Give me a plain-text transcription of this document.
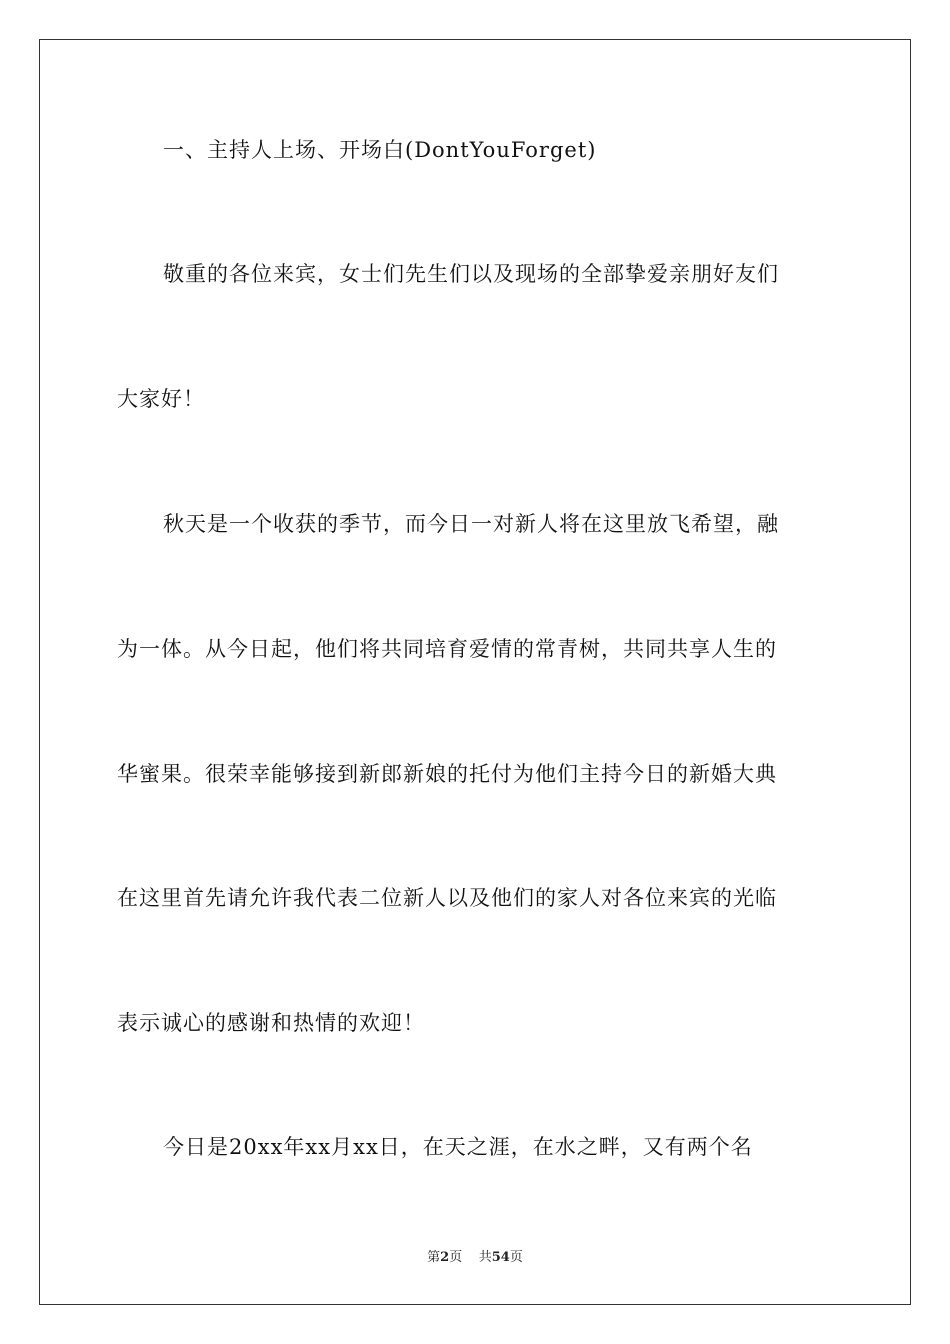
一、主持人上场、开场白(DontYouForget)
敬重的各位来宾，女士们先生们以及现场的全部挚爱亲朋好友们
大家好！
秋天是一个收获的季节，而今日一对新人将在这里放飞希望，融
为一体。从今日起，他们将共同培育爱情的常青树，共同共享人生的
华蜜果。很荣幸能够接到新郎新娘的托付为他们主持今日的新婚大典
在这里首先请允许我代表二位新人以及他们的家人对各位来宾的光临
表示诚心的感谢和热情的欢迎！
今日是20xx年xx月xx日，在天之涯，在水之畔，又有两个名
第2页 共54页
